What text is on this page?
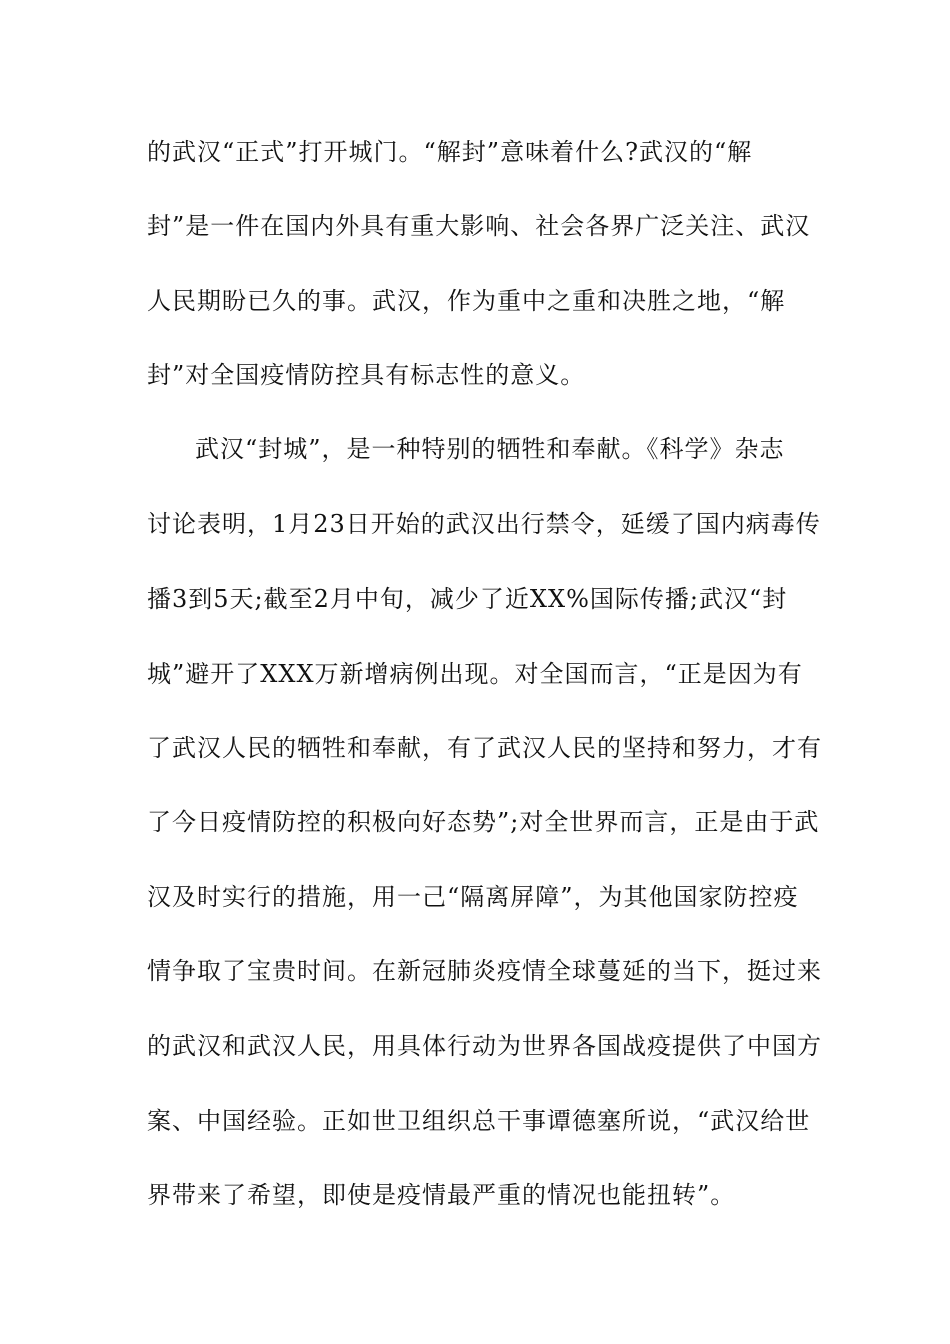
的武汉“正式”打开城门。“解封”意味着什么?武汉的“解
封”是一件在国内外具有重大影响、社会各界广泛关注、武汉
人民期盼已久的事。武汉，作为重中之重和决胜之地，“解
封”对全国疫情防控具有标志性的意义。
武汉“封城”，是一种特别的牺牲和奉献。《科学》杂志
讨论表明，1月23日开始的武汉出行禁令，延缓了国内病毒传
播3到5天;截至2月中旬，减少了近XX%国际传播;武汉“封
城”避开了XXX万新增病例出现。对全国而言，“正是因为有
了武汉人民的牺牲和奉献，有了武汉人民的坚持和努力，才有
了今日疫情防控的积极向好态势”;对全世界而言，正是由于武
汉及时实行的措施，用一己“隔离屏障”，为其他国家防控疫
情争取了宝贵时间。在新冠肺炎疫情全球蔓延的当下，挺过来
的武汉和武汉人民，用具体行动为世界各国战疫提供了中国方
案、中国经验。正如世卫组织总干事谭德塞所说，“武汉给世
界带来了希望，即使是疫情最严重的情况也能扭转”。
